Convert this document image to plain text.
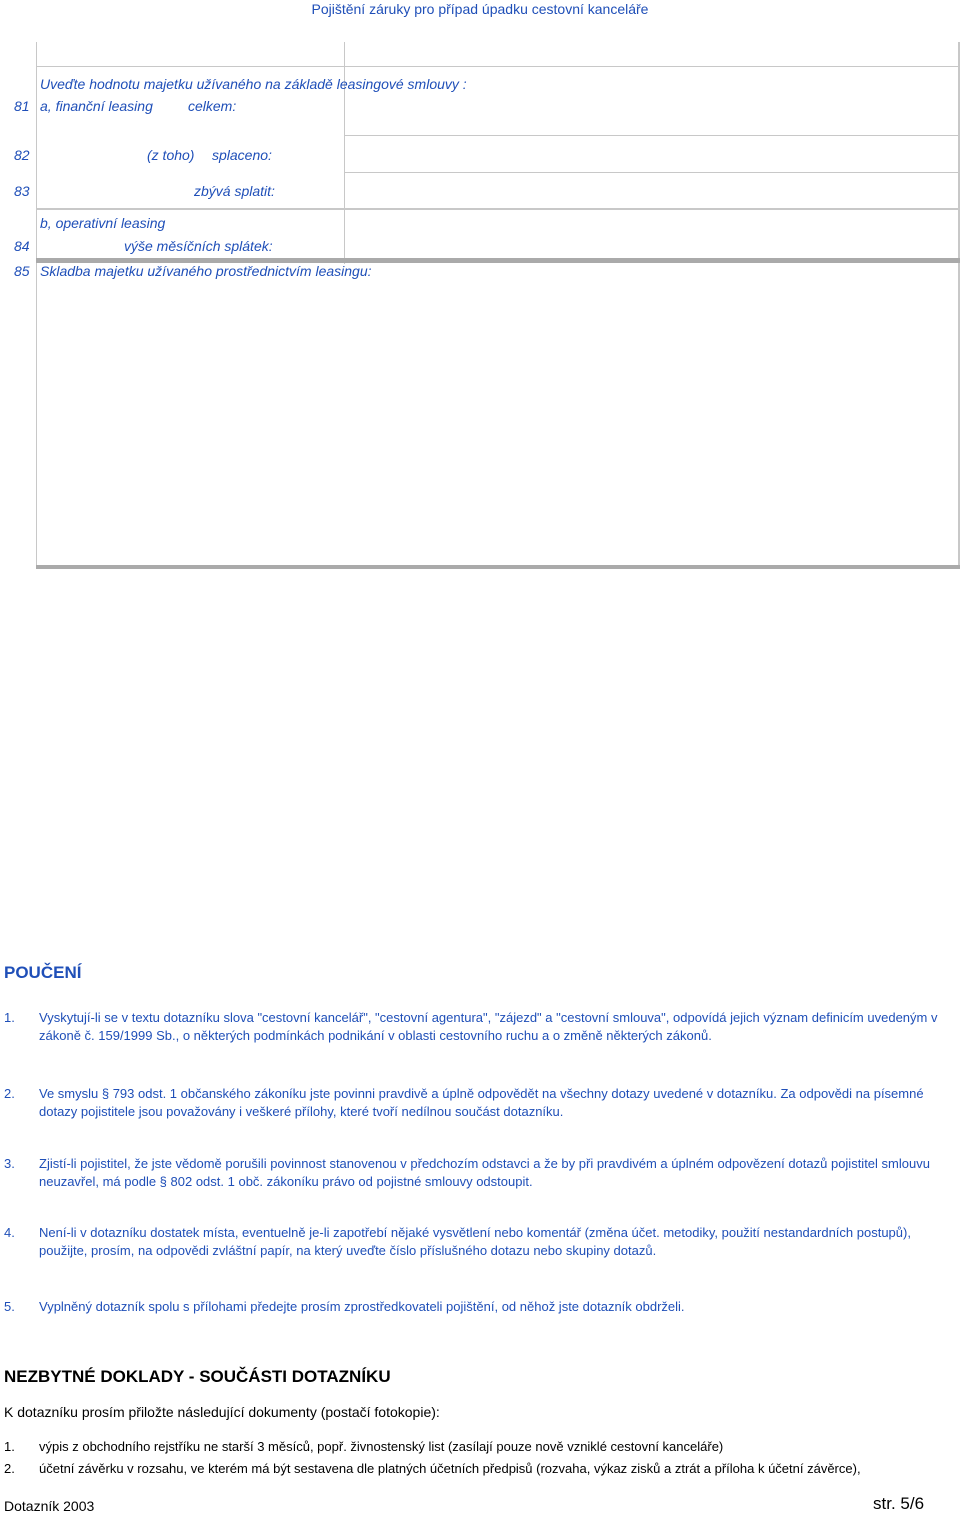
Pojištění záruky pro případ úpadku cestovní kanceláře
Uveďte hodnotu majetku užívaného na základě leasingové smlouvy :
81 a, finanční leasing	celkem:
82	(z toho) splaceno:
83	zbývá splatit:
b, operativní leasing
84	výše měsíčních splátek:
85 Skladba majetku užívaného prostřednictvím leasingu:
POUČENÍ
1. Vyskytují-li se v textu dotazníku slova "cestovní kancelář", "cestovní agentura", "zájezd" a "cestovní smlouva", odpovídá jejich význam definicím uvedeným v zákoně č. 159/1999 Sb., o některých podmínkách podnikání v oblasti cestovního ruchu a o změně některých zákonů.
2. Ve smyslu § 793 odst. 1 občanského zákoníku jste povinni pravdivě a úplně odpovědět na všechny dotazy uvedené v dotazníku. Za odpovědi na písemné dotazy pojistitele jsou považovány i veškeré přílohy, které tvoří nedílnou součást dotazníku.
3. Zjistí-li pojistitel, že jste vědomě porušili povinnost stanovenou v předchozím odstavci a že by při pravdivém a úplném odpovězení dotazů pojistitel smlouvu neuzavřel, má podle § 802 odst. 1 obč. zákoníku právo od pojistné smlouvy odstoupit.
4. Není-li v dotazníku dostatek místa, eventuelně je-li zapotřebí nějaké vysvětlení nebo komentář (změna účet. metodiky, použití nestandardních postupů), použijte, prosím, na odpovědi zvláštní papír, na který uveďte číslo příslušného dotazu nebo skupiny dotazů.
5. Vyplněný dotazník spolu s přílohami předejte prosím zprostředkovateli pojištění, od něhož jste dotazník obdrželi.
NEZBYTNÉ DOKLADY - SOUČÁSTI DOTAZNÍKU
K dotazníku prosím přiložte následující dokumenty (postačí fotokopie):
1. výpis z obchodního rejstříku ne starší 3 měsíců, popř. živnostenský list (zasílají pouze nově vzniklé cestovní kanceláře)
2. účetní závěrku v rozsahu, ve kterém má být sestavena dle platných účetních předpisů (rozvaha, výkaz zisků a ztrát a příloha k účetní závěrce),
Dotazník 2003	str. 5/6
